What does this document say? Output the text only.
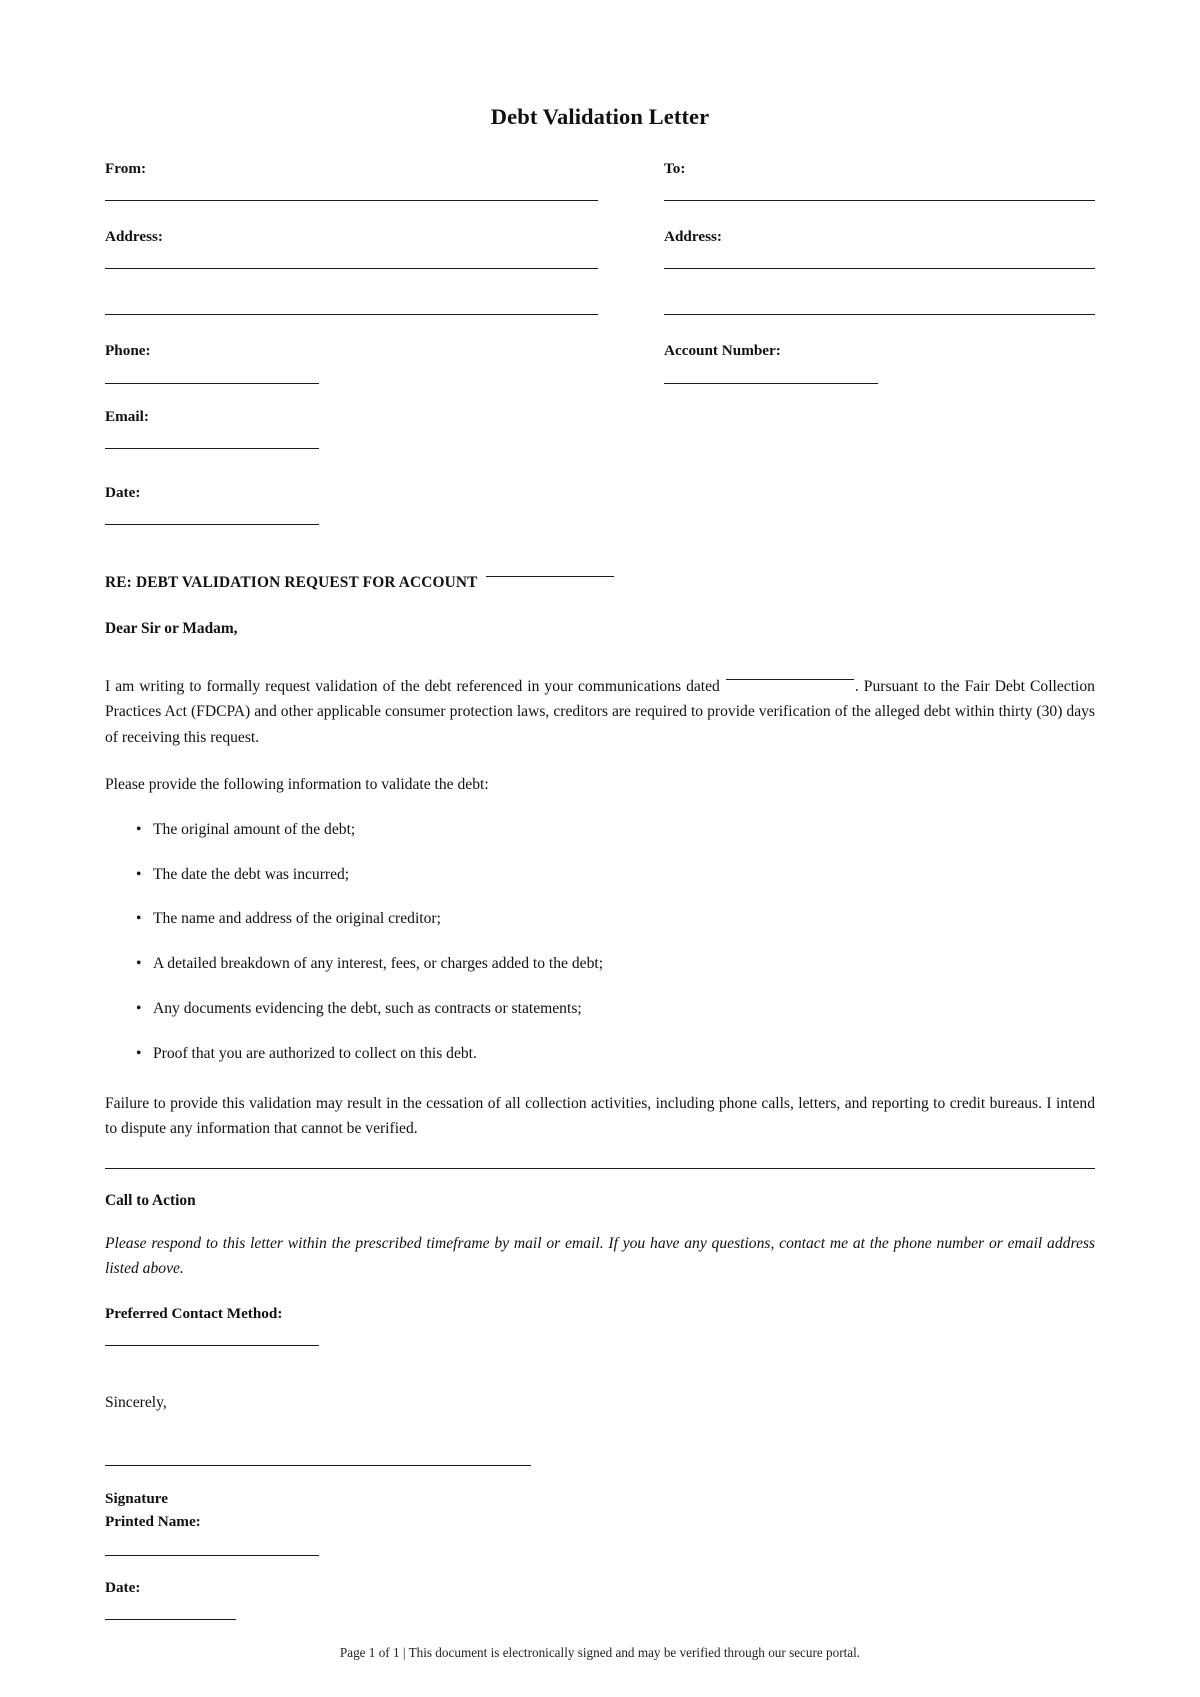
Debt Validation Letter
From:
Address:
Phone:
Email:
Date:
To:
Address:
Account Number:
RE: DEBT VALIDATION REQUEST FOR ACCOUNT
Dear Sir or Madam,

I am writing to formally request validation of the debt referenced in your communications dated	. Pursuant to the Fair Debt Collection Practices Act (FDCPA) and other applicable consumer protection laws, creditors are required to provide verification of the alleged debt within thirty (30) days of receiving this request.

Please provide the following information to validate the debt:

• The original amount of the debt;
• The date the debt was incurred;
• The name and address of the original creditor;
• A detailed breakdown of any interest, fees, or charges added to the debt;
• Any documents evidencing the debt, such as contracts or statements;
• Proof that you are authorized to collect on this debt.

Failure to provide this validation may result in the cessation of all collection activities, including phone calls, letters, and reporting to credit bureaus. I intend to dispute any information that cannot be verified.

Call to Action
Please respond to this letter within the prescribed timeframe by mail or email. If you have any questions, contact me at the phone number or email address listed above.
Preferred Contact Method:
Sincerely,
Signature
Printed Name:
Date:
Page 1 of 1 | This document is electronically signed and may be verified through our secure portal.
